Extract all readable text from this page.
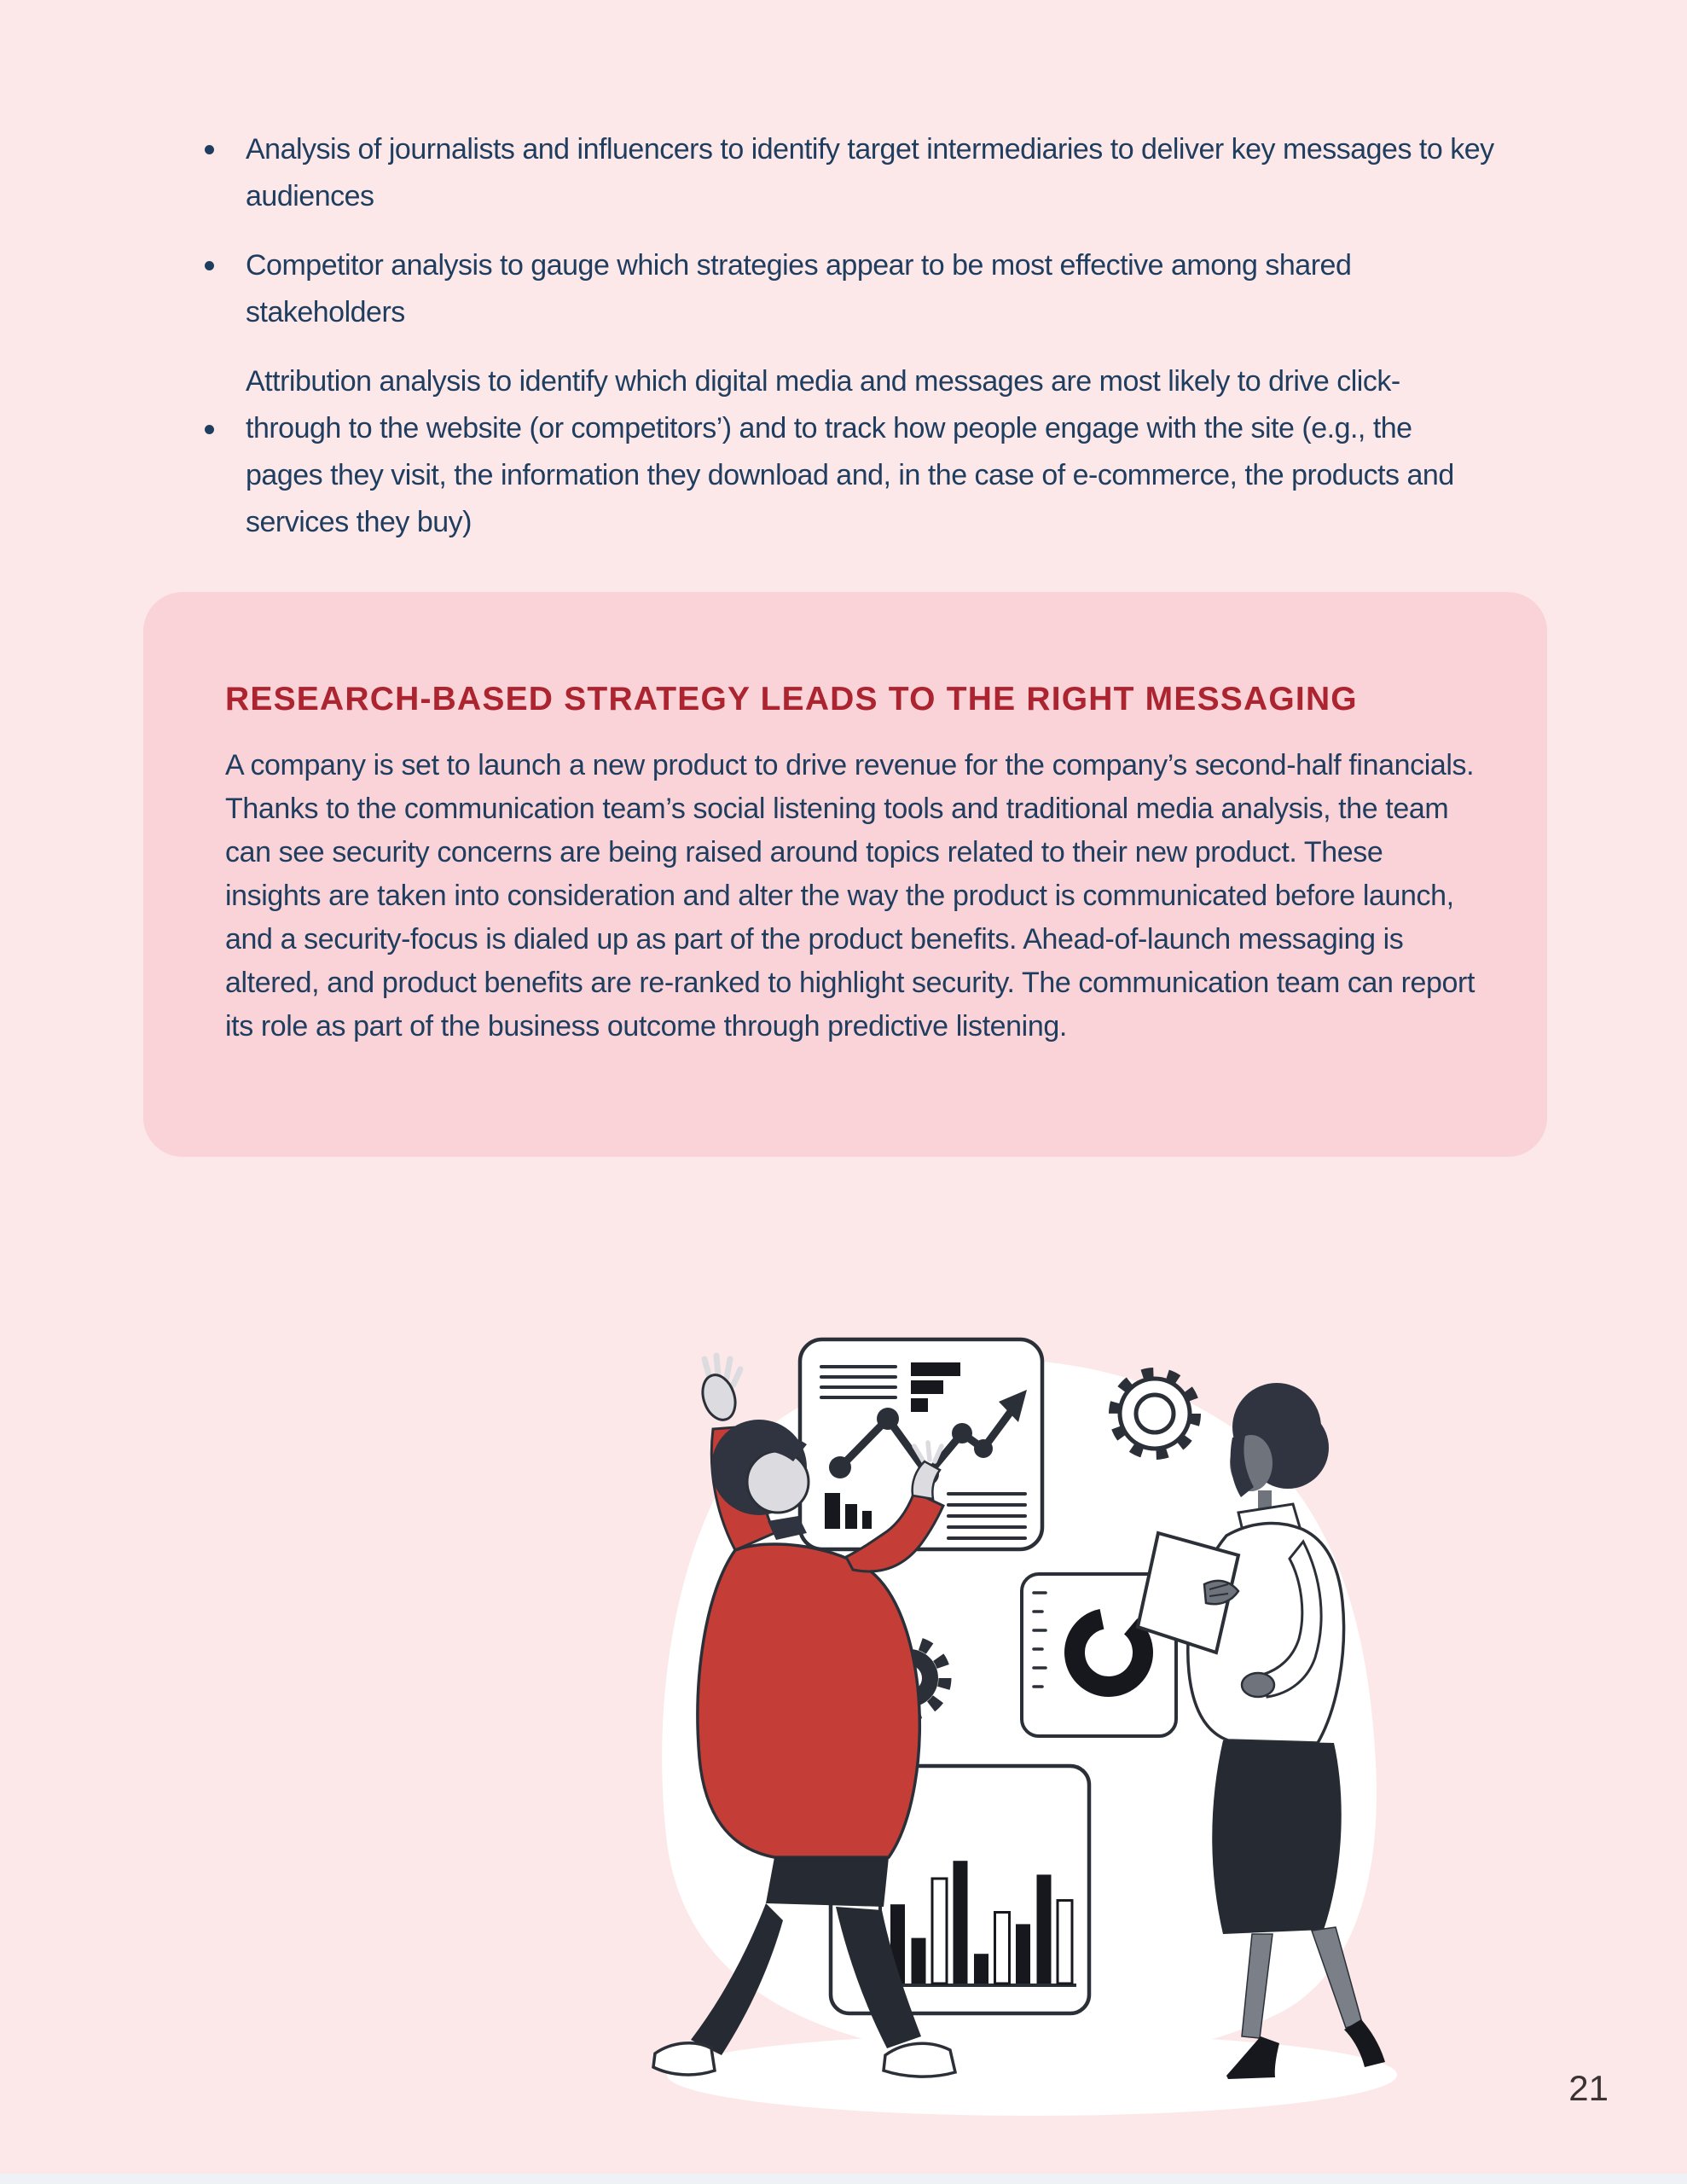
Analysis of journalists and influencers to identify target intermediaries to deliver key messages to key audiences
Competitor analysis to gauge which strategies appear to be most effective among shared stakeholders
Attribution analysis to identify which digital media and messages are most likely to drive click-through to the website (or competitors’) and to track how people engage with the site (e.g., the pages they visit, the information they download and, in the case of e-commerce, the products and services they buy)
RESEARCH-BASED STRATEGY LEADS TO THE RIGHT MESSAGING
A company is set to launch a new product to drive revenue for the company’s second-half financials. Thanks to the communication team’s social listening tools and traditional media analysis, the team can see security concerns are being raised around topics related to their new product. These insights are taken into consideration and alter the way the product is communicated before launch, and a security-focus is dialed up as part of the product benefits. Ahead-of-launch messaging is altered, and product benefits are re-ranked to highlight security. The communication team can report its role as part of the business outcome through predictive listening.
21
